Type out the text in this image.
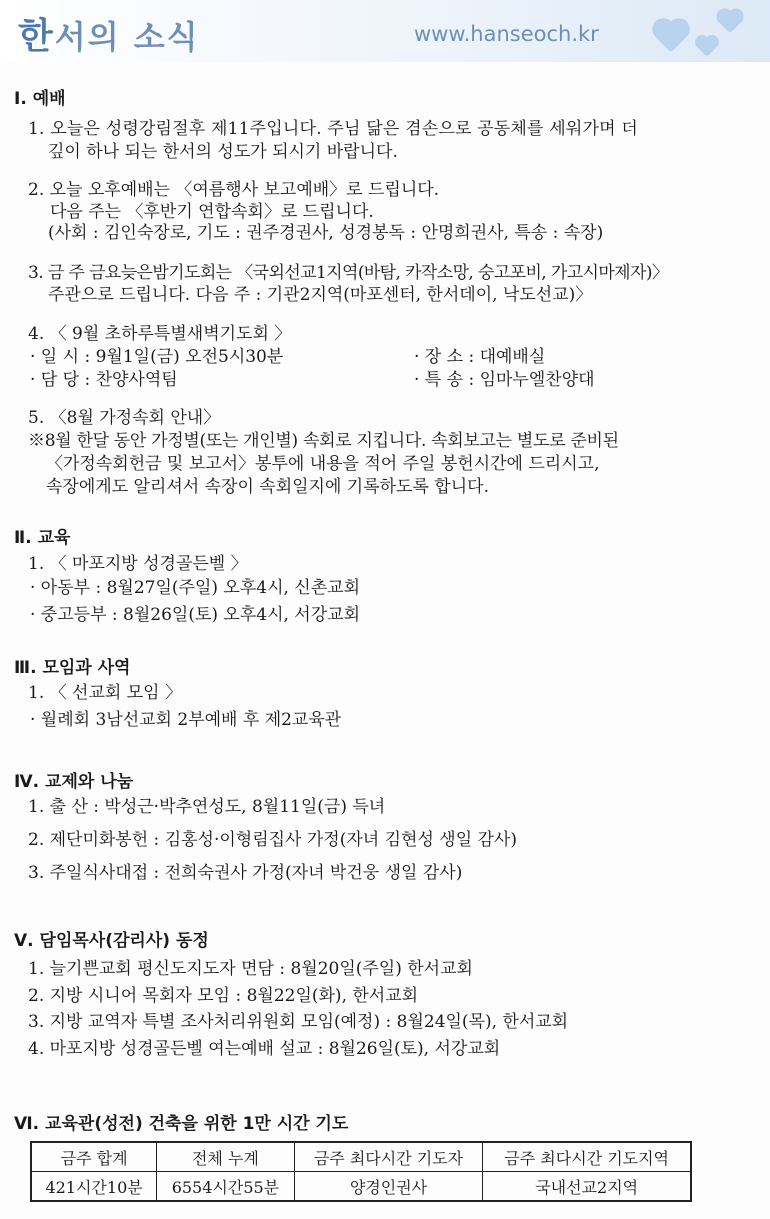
한서의 소식	www.hanseoch.kr
Ⅰ. 예배
1. 오늘은 성령강림절후 제11주입니다. 주님 닮은 겸손으로 공동체를 세워가며 더
깊이 하나 되는 한서의 성도가 되시기 바랍니다.
2. 오늘 오후예배는 〈여름행사 보고예배〉로 드립니다.
다음 주는 〈후반기 연합속회〉로 드립니다.
(사회 : 김인숙장로, 기도 : 권주경권사, 성경봉독 : 안명희권사, 특송 : 속장)
3. 금 주 금요늦은밤기도회는 〈국외선교1지역(바탐, 카작소망, 숭고포비, 가고시마제자)〉
주관으로 드립니다. 다음 주 : 기관2지역(마포센터, 한서데이, 낙도선교)〉
4. 〈 9월 초하루특별새벽기도회 〉
· 일 시 : 9월1일(금) 오전5시30분	· 장 소 : 대예배실
· 담 당 : 찬양사역팀	· 특 송 : 임마누엘찬양대
5. 〈8월 가정속회 안내〉
※8월 한달 동안 가정별(또는 개인별) 속회로 지킵니다. 속회보고는 별도로 준비된
〈가정속회헌금 및 보고서〉봉투에 내용을 적어 주일 봉헌시간에 드리시고,
속장에게도 알리셔서 속장이 속회일지에 기록하도록 합니다.
Ⅱ. 교육
1. 〈 마포지방 성경골든벨 〉
· 아동부 : 8월27일(주일) 오후4시, 신촌교회
· 중고등부 : 8월26일(토) 오후4시, 서강교회
Ⅲ. 모임과 사역
1. 〈 선교회 모임 〉
· 월례회 3남선교회 2부예배 후 제2교육관
Ⅳ. 교제와 나눔
1. 출 산 : 박성근·박추연성도, 8월11일(금) 득녀
2. 제단미화봉헌 : 김홍성·이형림집사 가정(자녀 김현성 생일 감사)
3. 주일식사대접 : 전희숙권사 가정(자녀 박건웅 생일 감사)
Ⅴ. 담임목사(감리사) 동정
1. 늘기쁜교회 평신도지도자 면담 : 8월20일(주일) 한서교회
2. 지방 시니어 목회자 모임 : 8월22일(화), 한서교회
3. 지방 교역자 특별 조사처리위원회 모임(예정) : 8월24일(목), 한서교회
4. 마포지방 성경골든벨 여는예배 설교 : 8월26일(토), 서강교회
Ⅵ. 교육관(성전) 건축을 위한 1만 시간 기도
금주 합계	전체 누계	금주 최다시간 기도자	금주 최다시간 기도지역
421시간10분	6554시간55분	양경인권사	국내선교2지역
